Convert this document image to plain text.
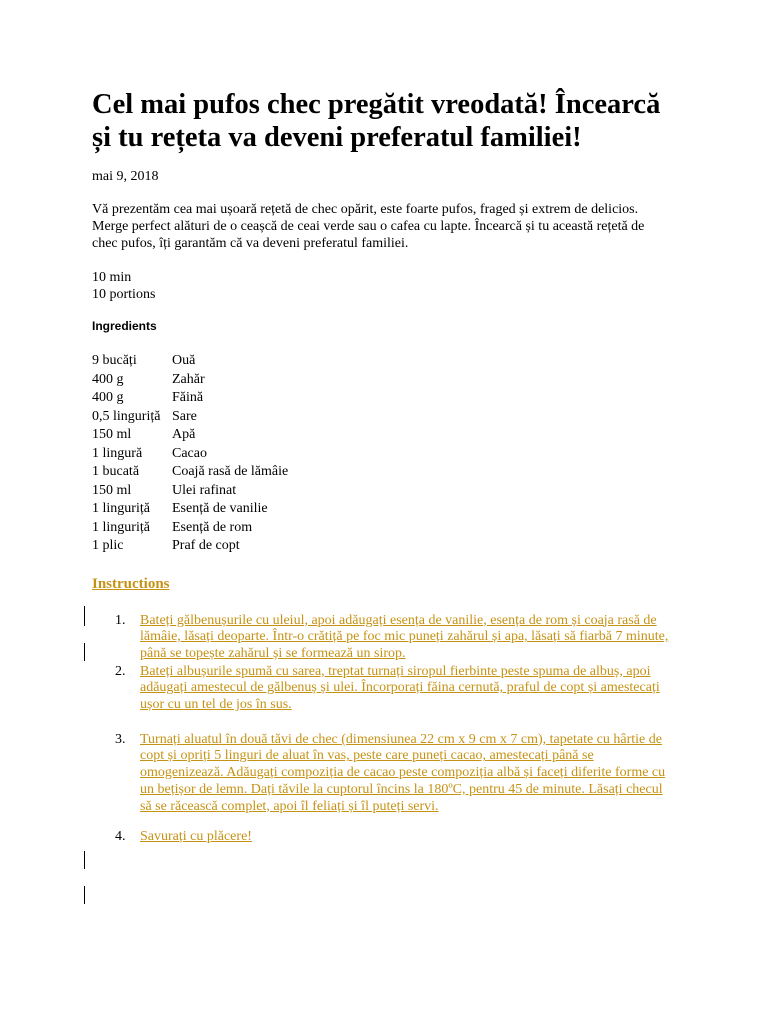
Cel mai pufos chec pregătit vreodată! Încearcă și tu rețeta va deveni preferatul familiei!
mai 9, 2018
Vă prezentăm cea mai ușoară rețetă de chec opărit, este foarte pufos, fraged și extrem de delicios. Merge perfect alături de o ceașcă de ceai verde sau o cafea cu lapte. Încearcă și tu această rețetă de chec pufos, îți garantăm că va deveni preferatul familiei.
10 min
10 portions
Ingredients
9 bucăți	Ouă
400 g	Zahăr
400 g	Făină
0,5 linguriță	Sare
150 ml	Apă
1 lingură	Cacao
1 bucată	Coajă rasă de lămâie
150 ml	Ulei rafinat
1 linguriță	Esență de vanilie
1 linguriță	Esență de rom
1 plic	Praf de copt
Instructions
1. Bateți gălbenușurile cu uleiul, apoi adăugați esența de vanilie, esența de rom și coaja rasă de lămâie, lăsați deoparte. Într-o crătiță pe foc mic puneți zahărul și apa, lăsați să fiarbă 7 minute, până se topește zahărul și se formează un sirop.
2. Bateți albușurile spumă cu sarea, treptat turnați siropul fierbinte peste spuma de albuș, apoi adăugați amestecul de gălbenuș și ulei. Încorporați făina cernută, praful de copt și amestecați ușor cu un tel de jos în sus.
3. Turnați aluatul în două tăvi de chec (dimensiunea 22 cm x 9 cm x 7 cm), tapetate cu hârtie de copt și opriți 5 linguri de aluat în vas, peste care puneți cacao, amestecați până se omogenizează. Adăugați compoziția de cacao peste compoziția albă și faceți diferite forme cu un bețișor de lemn. Dați tăvile la cuptorul încins la 180ºC, pentru 45 de minute. Lăsați checul să se răcească complet, apoi îl feliați și îl puteți servi.
4. Savurați cu plăcere!
